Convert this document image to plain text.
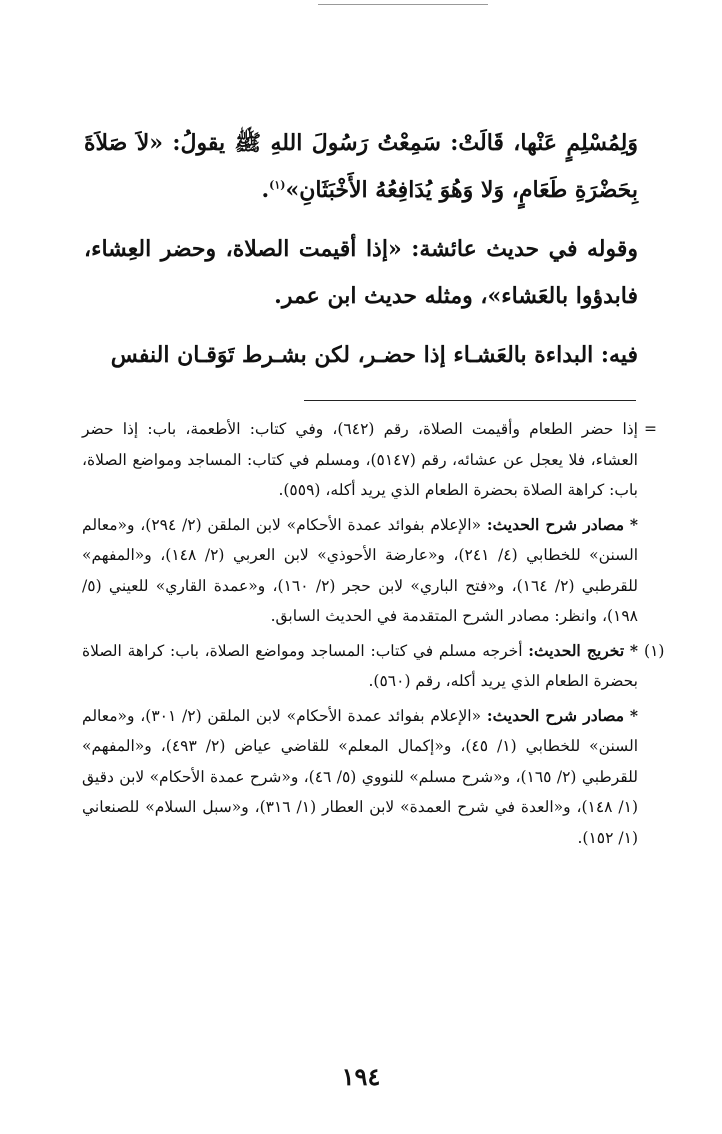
وَلِمُسْلِمٍ عَنْها، قَالَتْ: سَمِعْتُ رَسُولَ اللهِ ﷺ يقولُ: «لاَ صَلاَةَ بِحَضْرَةِ طَعَامٍ، وَلا وَهُوَ يُدَافِعُهُ الأَخْبَثَانِ»$^{(١)}$.

وقوله في حديث عائشة: «إذا أقيمت الصلاة، وحضر العِشاء، فابدؤوا بالعَشاء»، ومثله حديث ابن عمر.

فيه: البداءة بالعَشـاء إذا حضـر، لكن بشـرط تَوَقـان النفس

=
إذا حضر الطعام وأقيمت الصلاة، رقم (٦٤٢)، وفي كتاب: الأطعمة، باب: إذا حضر العشاء، فلا يعجل عن عشائه، رقم (٥١٤٧)، ومسلم في كتاب: المساجد ومواضع الصلاة، باب: كراهة الصلاة بحضرة الطعام الذي يريد أكله، (٥٥٩).
* مصادر شرح الحديث: «الإعلام بفوائد عمدة الأحكام» لابن الملقن (٢/ ٢٩٤)، و«معالم السنن» للخطابي (٤/ ٢٤١)، و«عارضة الأحوذي» لابن العربي (٢/ ١٤٨)، و«المفهم» للقرطبي (٢/ ١٦٤)، و«فتح الباري» لابن حجر (٢/ ١٦٠)، و«عمدة القاري» للعيني (٥/ ١٩٨)، وانظر: مصادر الشرح المتقدمة في الحديث السابق.
(١)
* تخريج الحديث: أخرجه مسلم في كتاب: المساجد ومواضع الصلاة، باب: كراهة الصلاة بحضرة الطعام الذي يريد أكله، رقم (٥٦٠).
* مصادر شرح الحديث: «الإعلام بفوائد عمدة الأحكام» لابن الملقن (٢/ ٣٠١)، و«معالم السنن» للخطابي (١/ ٤٥)، و«إكمال المعلم» للقاضي عياض (٢/ ٤٩٣)، و«المفهم» للقرطبي (٢/ ١٦٥)، و«شرح مسلم» للنووي (٥/ ٤٦)، و«شرح عمدة الأحكام» لابن دقيق (١/ ١٤٨)، و«العدة في شرح العمدة» لابن العطار (١/ ٣١٦)، و«سبل السلام» للصنعاني (١/ ١٥٢).
١٩٤
